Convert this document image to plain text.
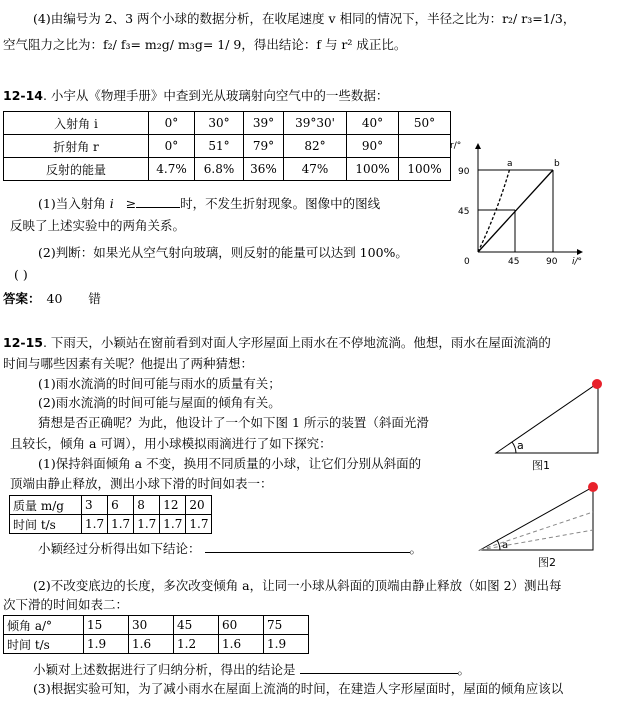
(4)由编号为 2、3 两个小球的数据分析，在收尾速度 v 相同的情况下，半径之比为：r₂/ r₃=1/3，
空气阻力之比为：f₂/ f₃= m₂g/ m₃g= 1/ 9，得出结论：f 与 r² 成正比。
12-14. 小宇从《物理手册》中查到光从玻璃射向空气中的一些数据：
入射角 i	0°	30°	39°	39°30'	40°	50°
折射角 r	0°	51°	79°	82°	90°	
反射的能量	4.7%	6.8%	36%	47%	100%	100%
(1)当入射角 i ≥	时，不发生折射现象。图像中的图线
反映了上述实验中的两角关系。
(2)判断：如果光从空气射向玻璃，则反射的能量可以达到 100%。
( )
答案： 40 错
r/°
90
45
0	45	90 i/°
a	b
12-15. 下雨天，小颖站在窗前看到对面人字形屋面上雨水在不停地流淌。他想，雨水在屋面流淌的
时间与哪些因素有关呢？他提出了两种猜想：
(1)雨水流淌的时间可能与雨水的质量有关；
(2)雨水流淌的时间可能与屋面的倾角有关。
猜想是否正确呢？为此，他设计了一个如下图 1 所示的装置（斜面光滑
且较长，倾角 a 可调），用小球模拟雨滴进行了如下探究：
(1)保持斜面倾角 a 不变，换用不同质量的小球，让它们分别从斜面的
顶端由静止释放，测出小球下滑的时间如表一：
质量 m/g	3	6	8	12	20
时间 t/s	1.7	1.7	1.7	1.7	1.7
小颖经过分析得出如下结论：	。
(2)不改变底边的长度，多次改变倾角 a，让同一小球从斜面的顶端由静止释放（如图 2）测出每
次下滑的时间如表二：
倾角 a/°	15	30	45	60	75
时间 t/s	1.9	1.6	1.2	1.6	1.9
小颖对上述数据进行了归纳分析，得出的结论是	。
(3)根据实验可知，为了减小雨水在屋面上流淌的时间，在建造人字形屋面时，屋面的倾角应该以
a
图1
a
图2
